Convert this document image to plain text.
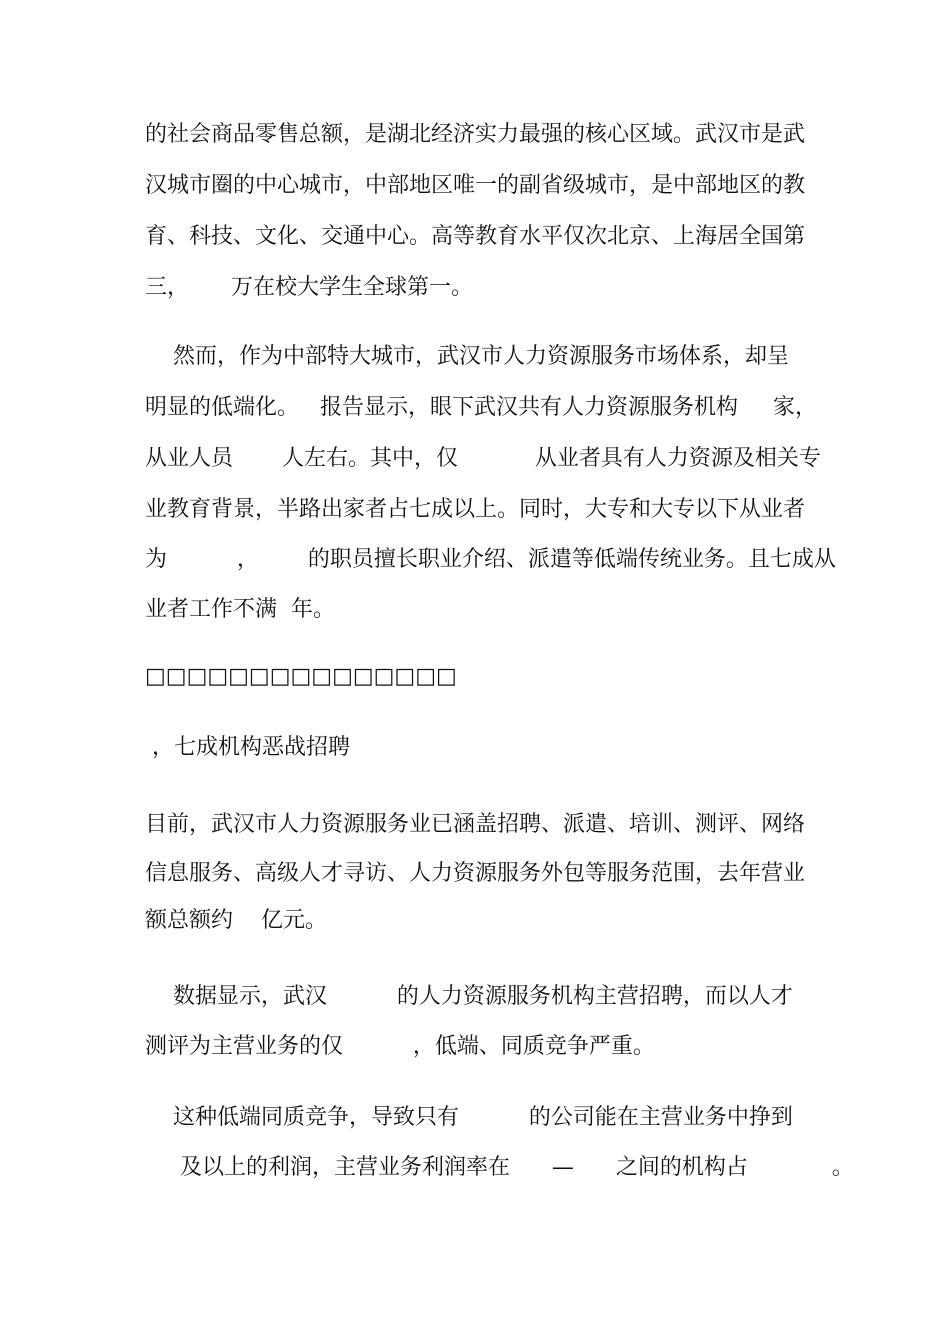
的社会商品零售总额，是湖北经济实力最强的核心区域。武汉市是武

汉城市圈的中心城市，中部地区唯一的副省级城市，是中部地区的教

育、科技、文化、交通中心。高等教育水平仅次北京、上海居全国第

三，      万在校大学生全球第一。

然而，作为中部特大城市，武汉市人力资源服务市场体系，却呈

明显的低端化。   报告显示，眼下武汉共有人力资源服务机构     家，

从业人员       人左右。其中，仅           从业者具有人力资源及相关专

业教育背景，半路出家者占七成以上。同时，大专和大专以下从业者

为          ，       的职员擅长职业介绍、派遣等低端传统业务。且七成从

业者工作不满  年。

□□□□□□□□□□□□□□□

，七成机构恶战招聘

目前，武汉市人力资源服务业已涵盖招聘、派遣、培训、测评、网络

信息服务、高级人才寻访、人力资源服务外包等服务范围，去年营业

额总额约    亿元。

数据显示，武汉          的人力资源服务机构主营招聘，而以人才

测评为主营业务的仅          ，低端、同质竞争严重。

这种低端同质竞争，导致只有          的公司能在主营业务中挣到

及以上的利润，主营业务利润率在      —      之间的机构占            。
